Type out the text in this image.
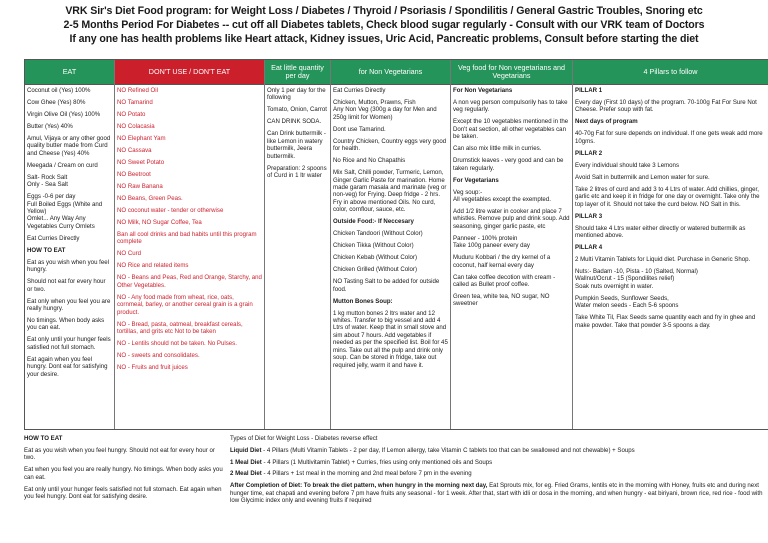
VRK Sir's Diet Food program: for Weight Loss / Diabetes / Thyroid / Psoriasis / Spondilitis / General Gastric Troubles, Snoring etc
2-5 Months Period For Diabetes -- cut off all Diabetes tablets, Check blood sugar regularly - Consult with our VRK team of Doctors
If any one has health problems like Heart attack, Kidney issues, Uric Acid, Pancreatic problems, Consult before starting the diet
EAT

Coconut oil (Yes) 100%

Cow Ghee (Yes) 80%

Virgin Olive Oil (Yes) 100%

Butter (Yes) 40%

Amul, Vijaya or any other good quality butter made from Curd and Cheese (Yes) 40%

Meegada / Cream on curd

Salt- Rock Salt
Only - Sea Salt

Eggs -0-6 per day
Full Boiled Eggs (White and Yellow)
Omlet... Any Way Any Vegetables Curry Omlets

Eat Curries Directly

HOW TO EAT

Eat as you wish when you feel hungry.

Should not eat for every hour or two.

Eat only when you feel you are really hungry.

No timings. When body asks you can eat.

Eat only until your hunger feels satisfied not full stomach.

Eat again when you feel hungry. Dont eat for satisfying your desire.

DON'T USE / DON'T EAT

NO Refined Oil

NO Tamarind

NO Potato

NO Colacasia

NO Elephant Yam

NO Cassava

NO Sweet Potato

NO Beetroot

NO Raw Banana

NO Beans, Green Peas.

NO coconut water - tender or otherwise

NO Milk, NO Sugar Coffee, Tea

Ban all cool drinks and bad habits until this program complete

NO Curd

NO Rice and related items

NO - Beans and Peas, Red and Orange, Starchy, and Other Vegetables.

NO - Any food made from wheat, rice, oats, cornmeal, barley, or another cereal grain is a grain product.

NO - Bread, pasta, oatmeal, breakfast cereals, tortillas, and grits etc Not to be taken

NO - Lentils should not be taken. No Pulses.

NO - sweets and consolidates.

NO - Fruits and fruit juices

Eat little quantity per day

Only 1 per day for the following

Tomato, Onion, Carrot

CAN DRINK SODA.

Can Drink buttermilk - like Lemon in watery buttermilk, Jeera buttermilk.

Preparation: 2 spoons of Curd in 1 ltr water

for Non Vegetarians

Eat Curries Directly

Chicken, Mutton, Prawns, Fish
Any Non Veg (300g a day for Men and 250g limit for Women)

Dont use Tamarind.

Country Chicken, Country eggs very good for health.

No Rice and No Chapathis

Mix Salt, Chilli powder, Turmeric, Lemon, Ginger Garlic Paste for marination. Home made garam masala and marinate (veg or non-veg) for Frying. Deep fridge - 2 hrs. Fry in above mentioned Oils. No curd, color, cornflour, sauce, etc.

Outside Food:- If Neccesary

Chicken Tandoori (Without Color)

Chicken Tikka (Without Color)

Chicken Kebab (Without Color)

Chicken Grilled (Without Color)

NO Tasting Salt to be added for outside food.

Mutton Bones Soup:

1 kg mutton bones 2 ltrs water and 12 whites. Transfer to big vessel and add 4 Ltrs of water. Keep that in small stove and sim about 7 hours. Add vegetables if needed as per the specified list. Boil for 45 mins. Take out all the pulp and drink only soup. Can be stored in fridge, take out required jelly, warm it and have it.

Veg food for Non vegetarians and Vegetarians

For Non Vegetarians

A non veg person compulsorily has to take veg regularly.

Except the 10 vegetables mentioned in the Don't eat section, all other vegetables can be taken.

Can also mix little milk in curries.

Drumstick leaves - very good and can be taken regularly.

For Vegetarians

Veg soup:-
All vegetables except the exempted.

Add 1/2 litre water in cooker and place 7 whistles. Remove pulp and drink soup. Add seasoning, ginger garlic paste, etc

Panneer - 100% protein
Take 100g paneer every day

Muduru Kobbari / the dry kernel of a coconut, half kernal every day

Can take coffee decotion with cream - called as Bullet proof coffee.

Green tea, white tea, NO sugar, NO sweetner

4 Pillars to follow

PILLAR 1

Every day (First 10 days) of the program. 70-100g Fat For Sure Not Cheese. Prefer soup with fat.

Next days of program

40-70g Fat for sure depends on individual. If one gets weak add more 10gms.

PILLAR 2

Every individual should take 3 Lemons

Avoid Salt in buttermilk and Lemon water for sure.

Take 2 litres of curd and add 3 to 4 Ltrs of water. Add chillies, ginger, garlic etc and keep it in fridge for one day or overnight. Take only the top layer of it. Should not take the curd below. NO Salt in this.

PILLAR 3

Should take 4 Ltrs water either directly or watered buttermilk as mentioned above.

PILLAR 4

2 Multi Vitamin Tablets for Liquid diet. Purchase in Generic Shop.

Nuts:- Badam -10, Pista - 10 (Salted, Normal)
Wallnut/Ocrut - 15 (Spondilites relief)
Soak nuts overnight in water.

Pumpkin Seeds, Sunflower Seeds,
Water melon seeds - Each 5-6 spoons

Take White Til, Flax Seeds same quantity each and fry in ghee and make powder. Take that powder 3-5 spoons a day.

HOW TO EAT

Eat as you wish when you feel hungry. Should not eat for every hour or two.

Eat when you feel you are really hungry. No timings. When body asks you can eat.

Eat only until your hunger feels satisfied not full stomach. Eat again when you feel hungry. Dont eat for satisfying desire.

Types of Diet for Weight Loss - Diabetes reverse effect

Liquid Diet - 4 Pillars (Multi Vitamin Tablets - 2 per day, If Lemon allergy, take Vitamin C tablets too that can be swallowed and not chewable) + Soups

1 Meal Diet - 4 Pillars (1 Multivitamin Tablet) + Curries, fries using only mentioned oils and Soups

2 Meal Diet - 4 Pillars + 1st meal in the morning and 2nd meal before 7 pm in the evening

After Completion of Diet: To break the diet pattern, when hungry in the morning next day, Eat Sprouts mix, for eg. Fried Grams, lentils etc in the morning with Honey, fruits etc and during next hunger time, eat chapati and evening before 7 pm have fruits any seasonal - for 1 week. After that, start with idli or dosa in the morning, and when hungry - eat biriyani, brown rice, red rice - food with low Glycimic index only and evening fruits if required
